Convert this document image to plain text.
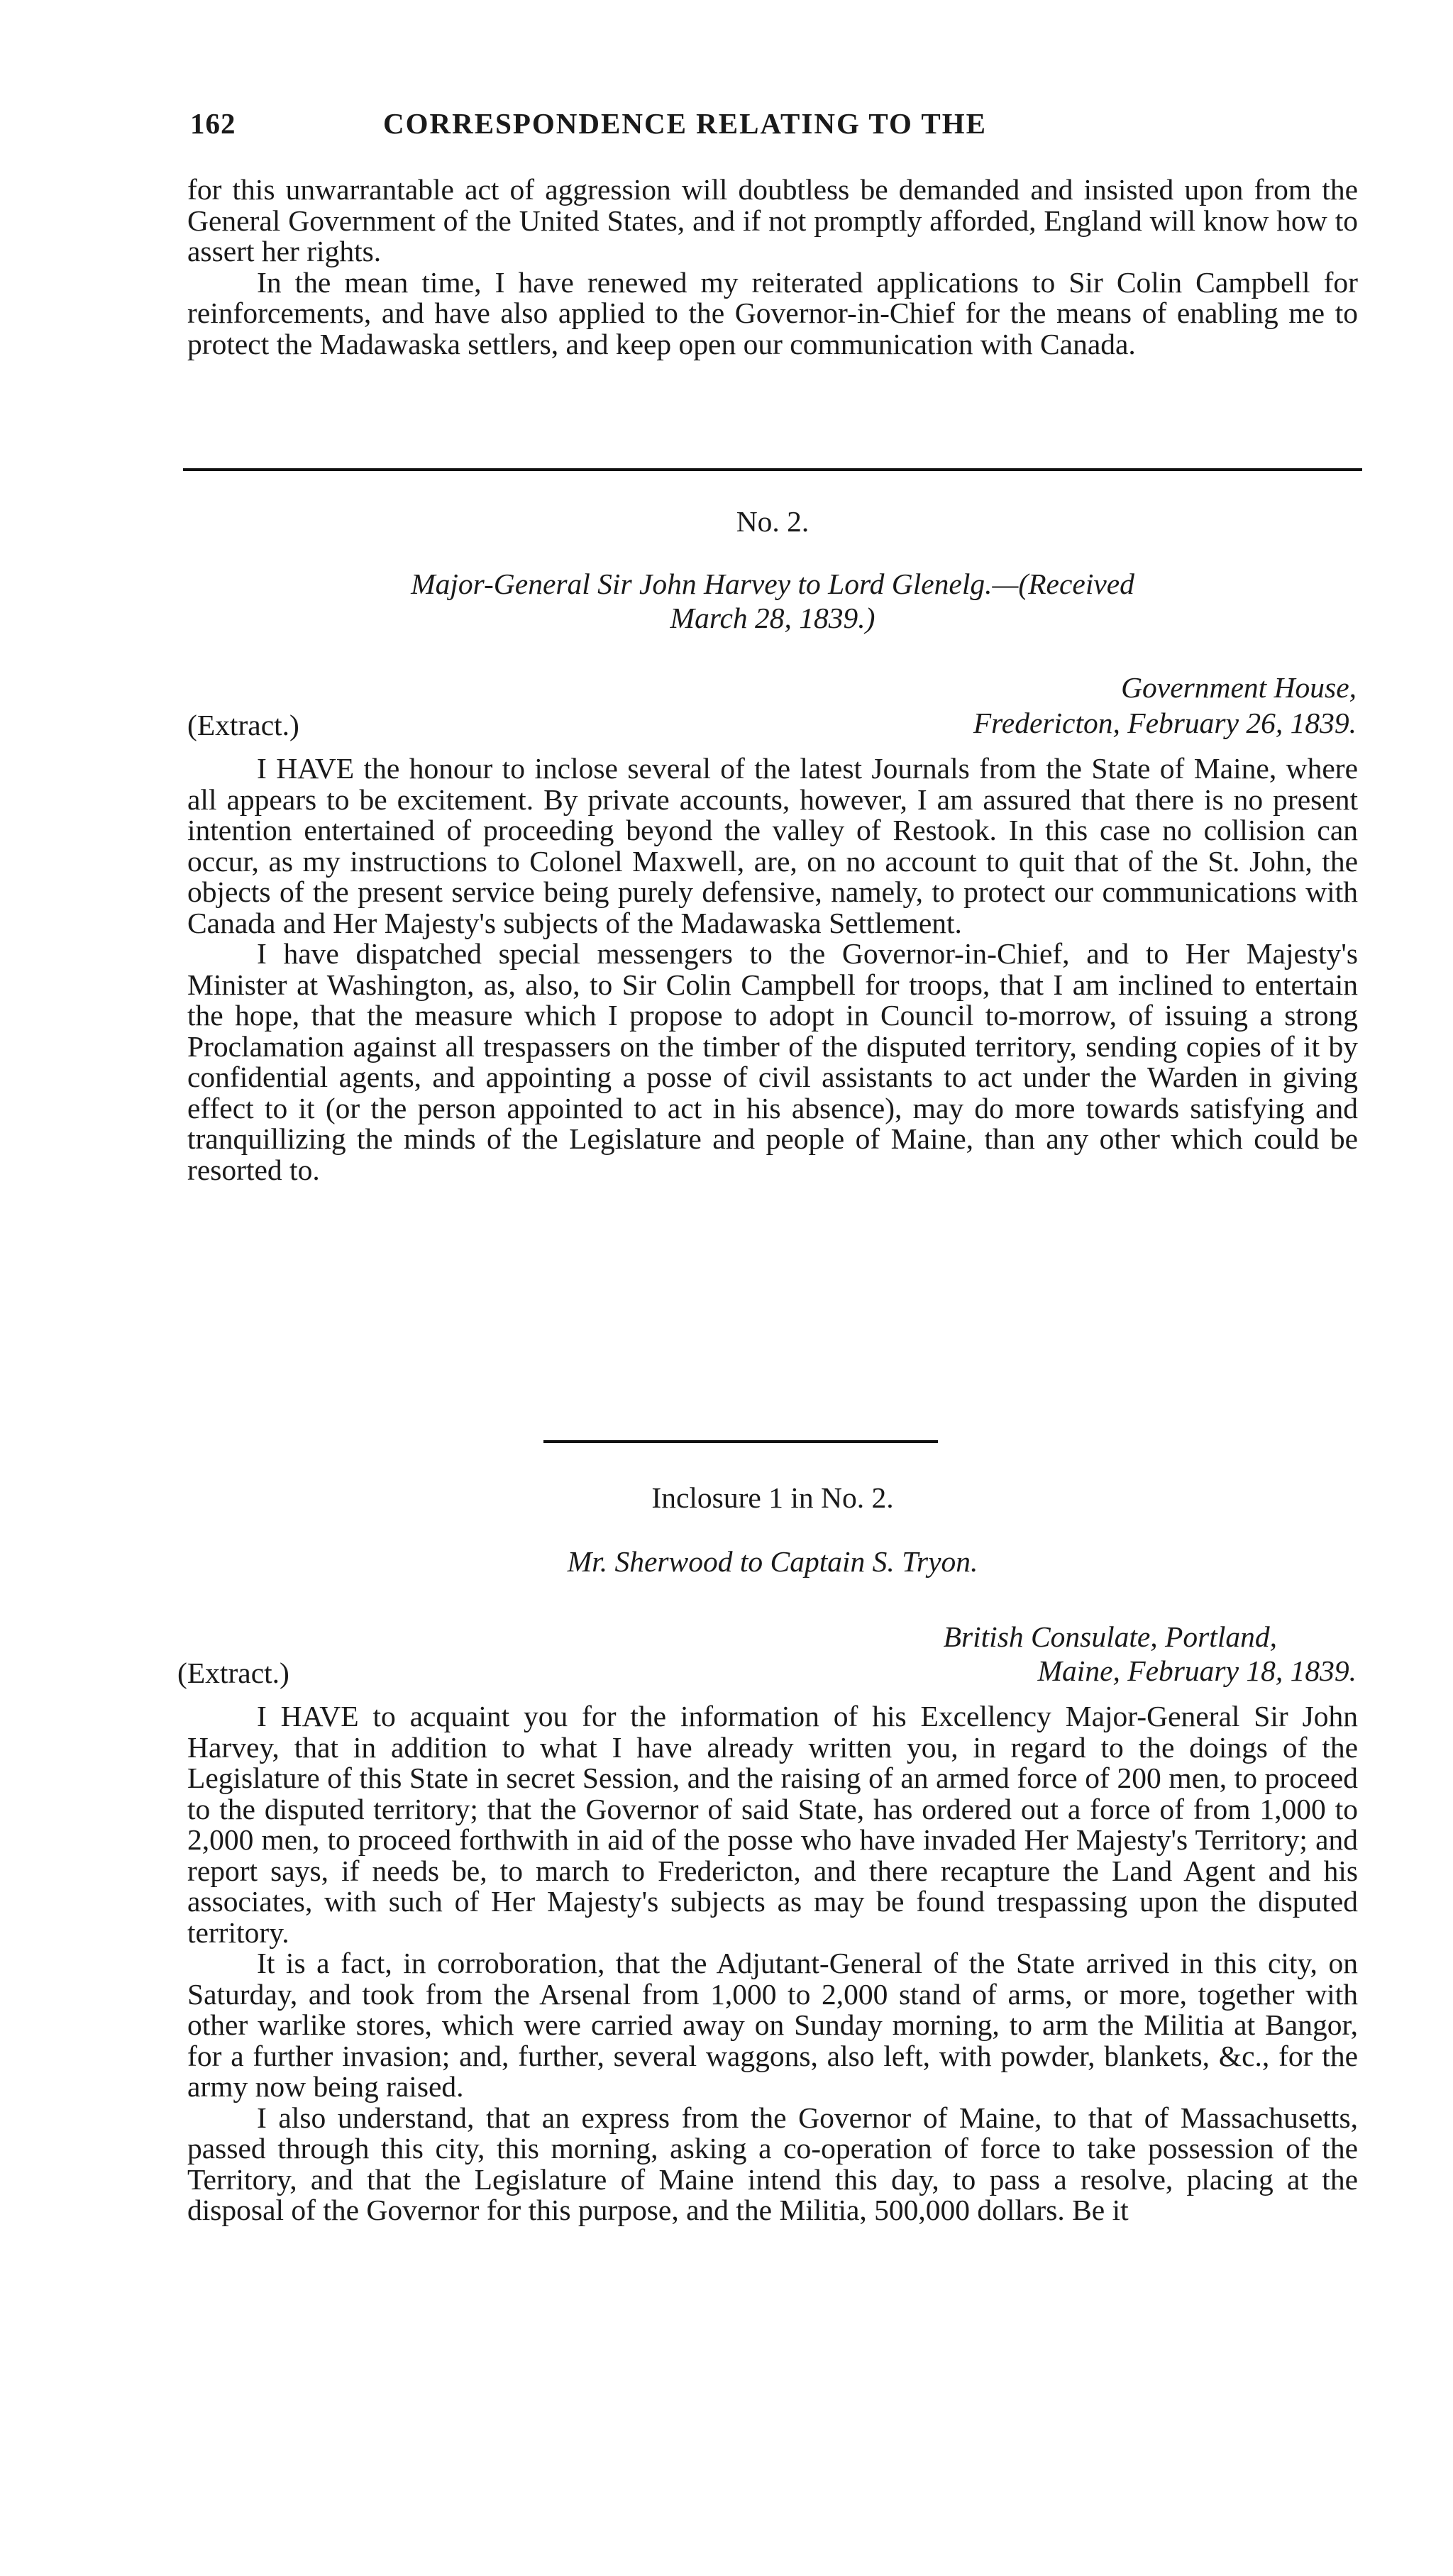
162	CORRESPONDENCE RELATING TO THE

for this unwarrantable act of aggression will doubtless be demanded and insisted upon from the General Government of the United States, and if not promptly afforded, England will know how to assert her rights.

In the mean time, I have renewed my reiterated applications to Sir Colin Campbell for reinforcements, and have also applied to the Governor-in-Chief for the means of enabling me to protect the Madawaska settlers, and keep open our communication with Canada.

No. 2.
Major-General Sir John Harvey to Lord Glenelg.—(Received
March 28, 1839.)
Government House,
(Extract.)	Fredericton, February 26, 1839.

I HAVE the honour to inclose several of the latest Journals from the State of Maine, where all appears to be excitement. By private accounts, however, I am assured that there is no present intention entertained of proceeding beyond the valley of Restook. In this case no collision can occur, as my instructions to Colonel Maxwell, are, on no account to quit that of the St. John, the objects of the present service being purely defensive, namely, to protect our communications with Canada and Her Majesty's subjects of the Madawaska Settlement.

I have dispatched special messengers to the Governor-in-Chief, and to Her Majesty's Minister at Washington, as, also, to Sir Colin Campbell for troops, that I am inclined to entertain the hope, that the measure which I propose to adopt in Council to-morrow, of issuing a strong Proclamation against all trespassers on the timber of the disputed territory, sending copies of it by confidential agents, and appointing a posse of civil assistants to act under the Warden in giving effect to it (or the person appointed to act in his absence), may do more towards satisfying and tranquillizing the minds of the Legislature and people of Maine, than any other which could be resorted to.

Inclosure 1 in No. 2.
Mr. Sherwood to Captain S. Tryon.
British Consulate, Portland,
(Extract.)	Maine, February 18, 1839.

I HAVE to acquaint you for the information of his Excellency Major-General Sir John Harvey, that in addition to what I have already written you, in regard to the doings of the Legislature of this State in secret Session, and the raising of an armed force of 200 men, to proceed to the disputed territory; that the Governor of said State, has ordered out a force of from 1,000 to 2,000 men, to proceed forthwith in aid of the posse who have invaded Her Majesty's Territory; and report says, if needs be, to march to Fredericton, and there recapture the Land Agent and his associates, with such of Her Majesty's subjects as may be found trespassing upon the disputed territory.

It is a fact, in corroboration, that the Adjutant-General of the State arrived in this city, on Saturday, and took from the Arsenal from 1,000 to 2,000 stand of arms, or more, together with other warlike stores, which were carried away on Sunday morning, to arm the Militia at Bangor, for a further invasion; and, further, several waggons, also left, with powder, blankets, &c., for the army now being raised.

I also understand, that an express from the Governor of Maine, to that of Massachusetts, passed through this city, this morning, asking a co-operation of force to take possession of the Territory, and that the Legislature of Maine intend this day, to pass a resolve, placing at the disposal of the Governor for this purpose, and the Militia, 500,000 dollars. Be it
